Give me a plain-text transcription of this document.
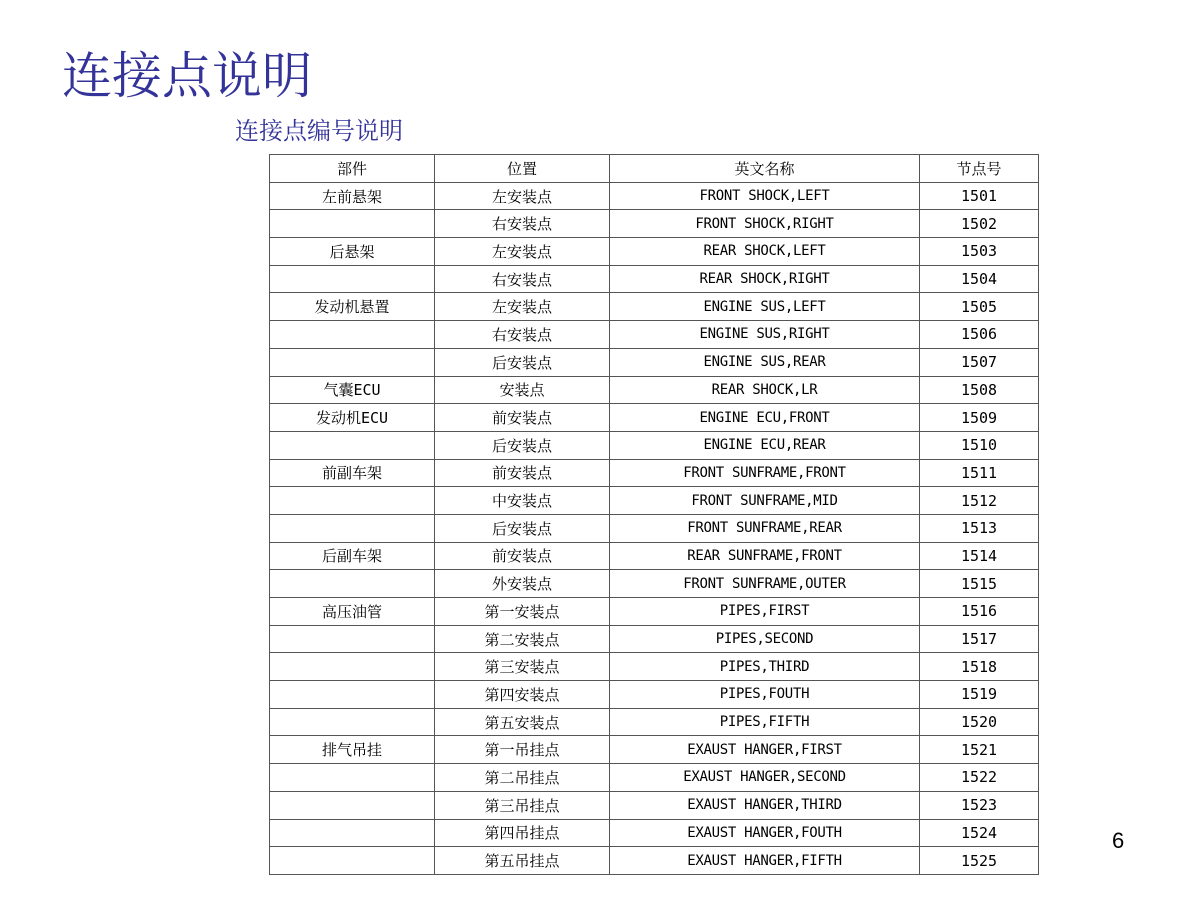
连接点说明
连接点编号说明
部件	位置	英文名称	节点号
左前悬架	左安装点	FRONT SHOCK,LEFT	1501
	右安装点	FRONT SHOCK,RIGHT	1502
后悬架	左安装点	REAR SHOCK,LEFT	1503
	右安装点	REAR SHOCK,RIGHT	1504
发动机悬置	左安装点	ENGINE SUS,LEFT	1505
	右安装点	ENGINE SUS,RIGHT	1506
	后安装点	ENGINE SUS,REAR	1507
气囊ECU	安装点	REAR SHOCK,LR	1508
发动机ECU	前安装点	ENGINE ECU,FRONT	1509
	后安装点	ENGINE ECU,REAR	1510
前副车架	前安装点	FRONT SUNFRAME,FRONT	1511
	中安装点	FRONT SUNFRAME,MID	1512
	后安装点	FRONT SUNFRAME,REAR	1513
后副车架	前安装点	REAR SUNFRAME,FRONT	1514
	外安装点	FRONT SUNFRAME,OUTER	1515
高压油管	第一安装点	PIPES,FIRST	1516
	第二安装点	PIPES,SECOND	1517
	第三安装点	PIPES,THIRD	1518
	第四安装点	PIPES,FOUTH	1519
	第五安装点	PIPES,FIFTH	1520
排气吊挂	第一吊挂点	EXAUST HANGER,FIRST	1521
	第二吊挂点	EXAUST HANGER,SECOND	1522
	第三吊挂点	EXAUST HANGER,THIRD	1523
	第四吊挂点	EXAUST HANGER,FOUTH	1524
	第五吊挂点	EXAUST HANGER,FIFTH	1525
6
